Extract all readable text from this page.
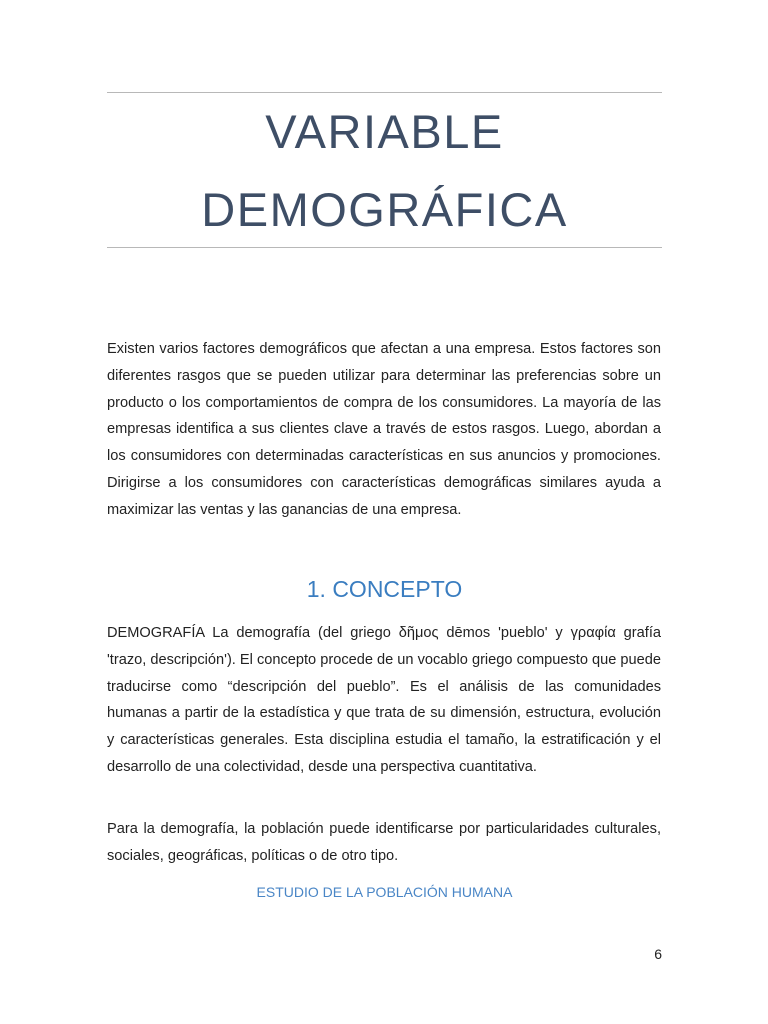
VARIABLE
DEMOGRÁFICA

Existen varios factores demográficos que afectan a una empresa. Estos factores son diferentes rasgos que se pueden utilizar para determinar las preferencias sobre un producto o los comportamientos de compra de los consumidores. La mayoría de las empresas identifica a sus clientes clave a través de estos rasgos. Luego, abordan a los consumidores con determinadas características en sus anuncios y promociones. Dirigirse a los consumidores con características demográficas similares ayuda a maximizar las ventas y las ganancias de una empresa.

1. CONCEPTO

DEMOGRAFÍA La demografía (del griego δῆμος dēmos 'pueblo' y γραφία grafía 'trazo, descripción'). El concepto procede de un vocablo griego compuesto que puede traducirse como “descripción del pueblo”. Es el análisis de las comunidades humanas a partir de la estadística y que trata de su dimensión, estructura, evolución y características generales. Esta disciplina estudia el tamaño, la estratificación y el desarrollo de una colectividad, desde una perspectiva cuantitativa.

Para la demografía, la población puede identificarse por particularidades culturales, sociales, geográficas, políticas o de otro tipo.

ESTUDIO DE LA POBLACIÓN HUMANA

6
